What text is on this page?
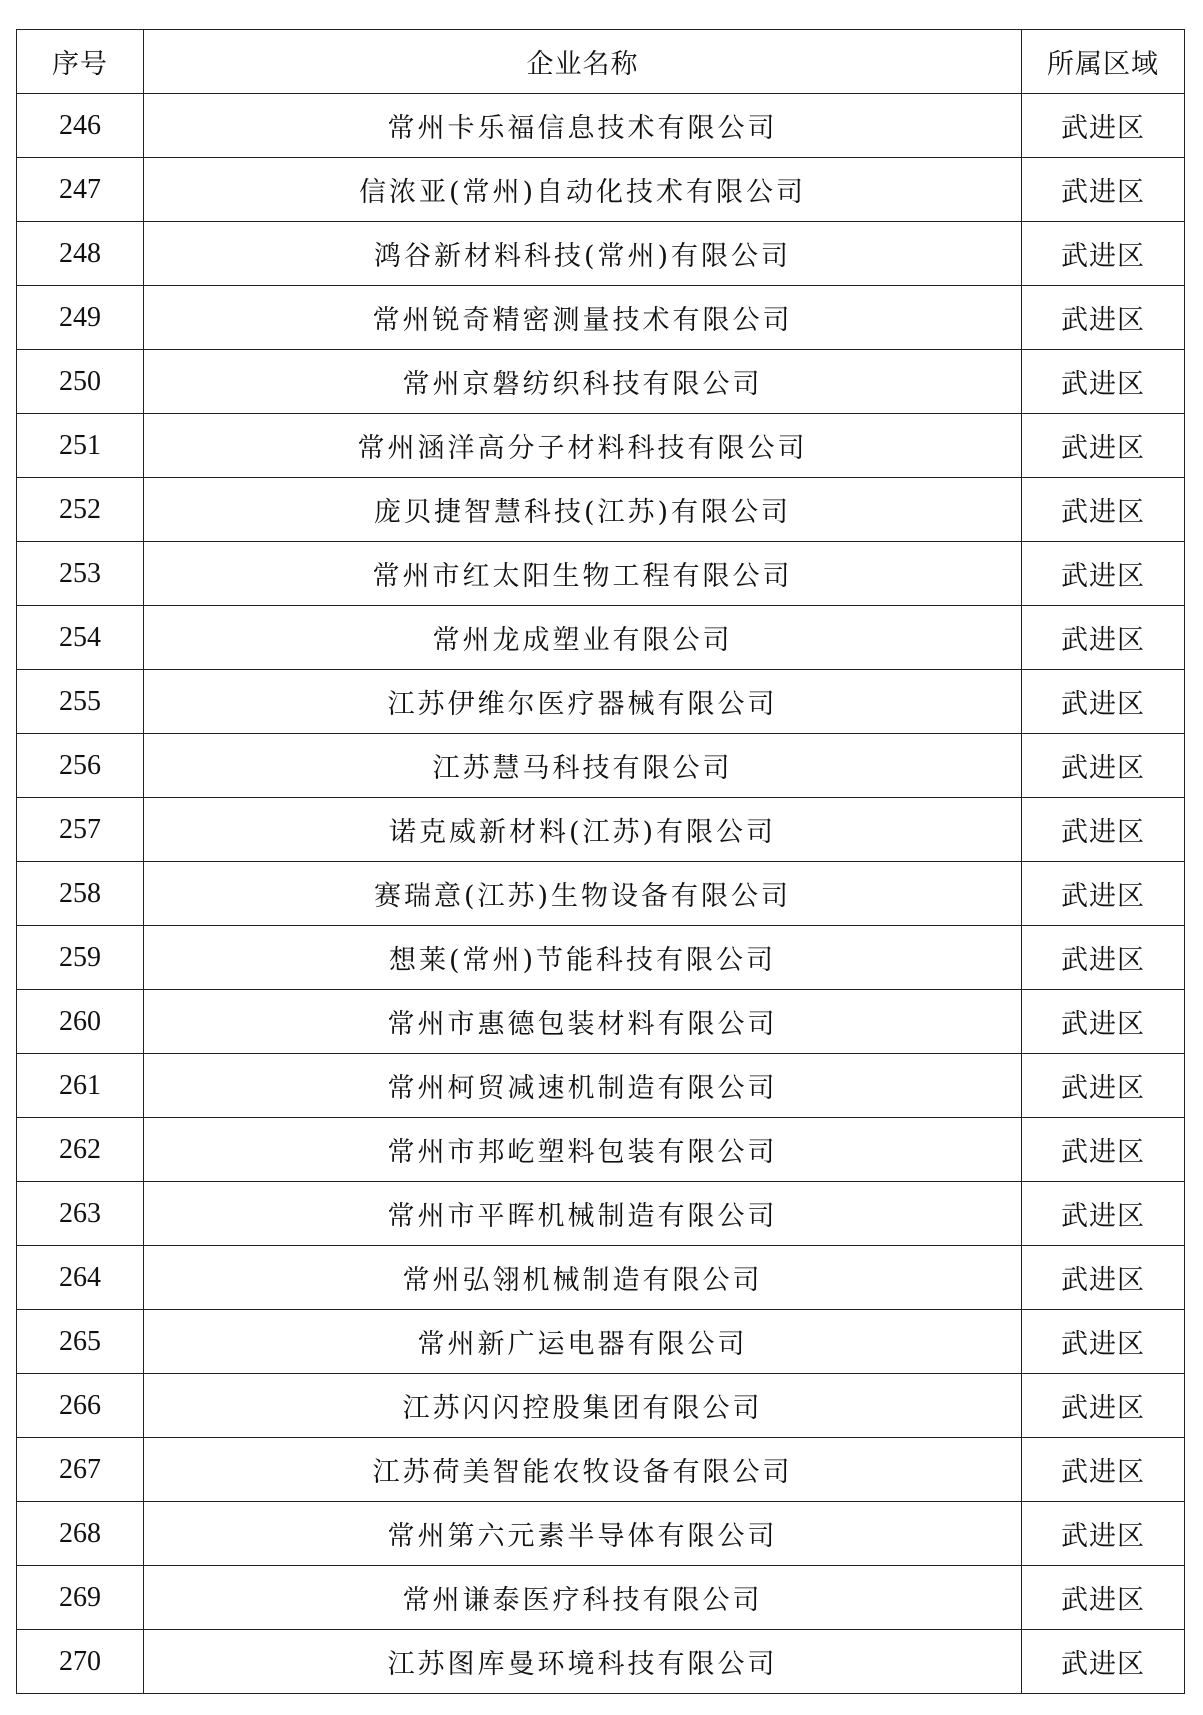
序号	企业名称	所属区域
246	常州卡乐福信息技术有限公司	武进区
247	信浓亚(常州)自动化技术有限公司	武进区
248	鸿谷新材料科技(常州)有限公司	武进区
249	常州锐奇精密测量技术有限公司	武进区
250	常州京磐纺织科技有限公司	武进区
251	常州涵洋高分子材料科技有限公司	武进区
252	庞贝捷智慧科技(江苏)有限公司	武进区
253	常州市红太阳生物工程有限公司	武进区
254	常州龙成塑业有限公司	武进区
255	江苏伊维尔医疗器械有限公司	武进区
256	江苏慧马科技有限公司	武进区
257	诺克威新材料(江苏)有限公司	武进区
258	赛瑞意(江苏)生物设备有限公司	武进区
259	想莱(常州)节能科技有限公司	武进区
260	常州市惠德包装材料有限公司	武进区
261	常州柯贸减速机制造有限公司	武进区
262	常州市邦屹塑料包装有限公司	武进区
263	常州市平晖机械制造有限公司	武进区
264	常州弘翎机械制造有限公司	武进区
265	常州新广运电器有限公司	武进区
266	江苏闪闪控股集团有限公司	武进区
267	江苏荷美智能农牧设备有限公司	武进区
268	常州第六元素半导体有限公司	武进区
269	常州谦泰医疗科技有限公司	武进区
270	江苏图库曼环境科技有限公司	武进区
